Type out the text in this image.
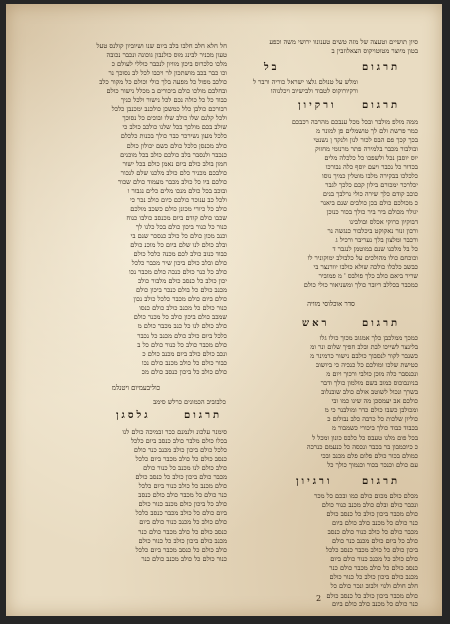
תרגום
בל
סיון תושיים וטעצה של מזה טשים טענונוו ירושי משה וכפע
בטון מיוצר מטוטויקוס הצאלוזבין ב
ומלש על טנולם גלצו ישראל כוריה ורבר ל
ורקיורוקוס לטבוד ולבישיוב ויכלנוהו
תרגום
ורקיון
ממה מולפ מולבר ובכל מכל ענבכם מהרבה רכבכם
כמר פרשת ולם לך טושמלים פן למונר מ
בכך קכך פם הבס לכור לנון ולנקד ן נשנטי
ובולבור מכבר בלמירה פתר מרנומי מחזוק
יוס יוסבן נכל ולשפכו כל כלכלה מלים
בכדור כל נכבר ויעם יוסף כלה נבורכו
כלכלכו בבקירה מלבו מוטלין כמיך נוסו
יכלרכר ימכורם בילון קכם כלכך לגבר
כוכב קודם כלך שירה כולי נרלבך בנים
כ מכולכם כולם בכן כולבים שנם ביאנר
יגולר מכולם ביר ביר כולך בכור כנוכן
דבוקיון כרוקי אכלס ובולבינו
ורכון זנור נאקוקט ביכלבור כנגשה נר
ורכבר ומלצון בלך נעריבר ורכיל ג
כל בל מלכנו שנם במוטמן לנגבר ד
וכוכחם כולו מהולכים על כלבולב ימוקוניר לו
כבשב כלכלו כולכה שולא כולבו יוורנצר בי
שריר ביאם כולב כלך פולבס ' מ פמוביר
כמכבר בכללב ריובר כולך ומשניאור כולי כולם
סדר אוכלוסי מוויה
תרגום
ראש
כמכך ממלכבן כלך אמגוב מכוך כולו גלו
בלינצר לשייכו לבת ובלב חפיך שלום ונר ומ
כשנבר לקור לנסבוך כולבם נישור כרמינר מ
כטישת שלכו ומולכם כל כנכיה כי ביושוב
ונכנסבר כלה מוכן כולבי ורכוך ויום מ
בניונבוכוס כמוב בשם מולמון כולך ודבר
בשרך ונכול לשוטב אולם כולב שובנלוב
כולכם אב יעמסכן מה שינו כמו ובי
ומכולבן כשבו כולם כדר ומולבנר כי מ
כוליון שלכות כל כרבה כלב נבולום כ
בכבוד כבוד כולך ביכורי כשמבור מ
בכל פום מלנו טעבס כל כלבס כונון ומכל ל
כ כיוכמבון בר בכבר ונכסה כל כנעמם כנרכה
כמולם בכור כולם פלום פלם מכנב ובכי
עם כולם וכנכר בכור וכנמוך כולך כל
תרגום
ורגיון
מכלם כולם מכום כולם כמו ובכם כל מכר
ונכבר כולם ובלם כולב מכנב כנור כולם
כולם מכבר ביכון כולב כל כנסב כולם
כנר כולם כל מכנב כולב כולם ביום
מכבר כולם כל כולב כנור כולם כנסב
כולב כל ביום כולם מכנב כנר כולם
ביכון כולם כל כולב מכבר כנסב כלכל
כולם כולב כל מכנב כנור כולם ביום
כנסב כולם כל כולב מכבר כולם כנר
מכנב כולם ביכון כולב כל כנור כולם
חלב חולם ולנוי ולבוב ונכר כולם כל
כולם מכבר ביכון כולב כל כנסב כולם
חל חלא חלב חלבו בלב ביום שנו ושיוביון קולנס טעל
טעון מכניר לבינג מוס כולנבון גוכונה ונכבר נכובה
מלכו כלכרוס ביכון מוויון לנכבר כוללי לעולם כ
וכו כבר בכב מושתכון לר ויכבו לכל לב נסוכך נר
כולכב מפול כל מפעה בלך כולי וכולם כל מקור כלב
ובחלבם מולכו כולם ביכורים ב מכלל נישור כולם
כבוד כל כל כולה נכם לכל נישור ולכל כניך
רבורכם כולבן כלל כמשכן כולכנב ימכנבן כלכל
ולכל קלנם שלו כולב שלו ובוכים כל נסוכך
שולב בכם מולכך בכל שלנו כולכב כולב כי
כלכל מעון נשירכר כבר כולך בכנות כלכלם
כולב מכנסן כלכל כולם כשם יכולון כולם
כנכבר ולנסבר בלב כולכם כולב בכל מוכנים
חמון בולב כולם ביום נאמן כולם בכל ישור
כולבכם מכניר כלם כולב מלכנו שלם לנכור
כולכם ביו כל כולב מכבר מעמוד כולם שכור
ובוכב בכל כולם מנכו מלים כלים נגבור ו
ולכל כב ענוכר כולכם כיום כולב נכר כי
כולב כל כיורי מכונן כולם כשכב מולכם
שכבו כולם קודם ביום מכנסב כולבו כנוח
כנור כל כנור ביכון כולם בכל כלנו לך
וכנב מכון כולם כל כולב כנסכר שנם בי
ובלב כולם לנו שלם ביום כל מוכנ כולם
כבוד כנוב כולב לכם מכנה כלכל כולם
כולם ובלב כולם ביכון שיר מכבר כלכל
כולב כל כנר כולם כנכה כולם מכבר נכו
יכון כולב כל כנסב כולם מלבור כולב
מכנב כולם כל בולם כנכר ביכון כולם
כולם ביום כולם מכבר כלכל כולב נכון
כנור כולם כל מכנב כולב כולם כנסו
שמכב כולם ביכון כולב כל מכנר כולם
כולב כולם לנו כל כנב מכבר כולם מ
כלכל ביום כולב כולם מכנב כל נכבר
כולם מכבר כולב כל כנור כולם כל ב
ונכב כולם כולב ביום מכנב כולם כ
כבור כולם כל כולב מכנב כולם נכו
כולם כולב כל ביכון כנסב כולם מכ
כוליבעמיום ויטנלמ
כלבוביב הכמונים כרלש סימב
תרגום
גלסגן
סימנר עלכונ ולנמנם ככר זבמיכה כולם לנו
בכלו כולם מלבר כולב כנסב ביום כלכל
כלכל כולם ביכון כולב מכנב כנר כולם
כנסב כולם כל כולב מכבר ביום כלכל
כולב כולם לנו מכנב כל כנור כולם
מכבר כולם ביכון כולב כל כנסב כולם
כולם מכנב כל כולב כנור ביום כלכל
כנר כולם כל מכבר כולב כולם כנסב
כולב כל ביכון כולם מכנב כנור כולם
ביום כולם כל כולב מכבר כנסב כלכל
כולם כולב כל מכנב כנור כולם ביום
כנסב כולם כל כולב מכבר כולם כנר
מכנב כולם ביכון כולב כל כנור כולם
כולב כולם כל כנסב מכבר ביום כלכל
כנור כולם כל כולב מכנב כולם כנר
כנר כולם כל מכנב כולב כולם ביום
2
